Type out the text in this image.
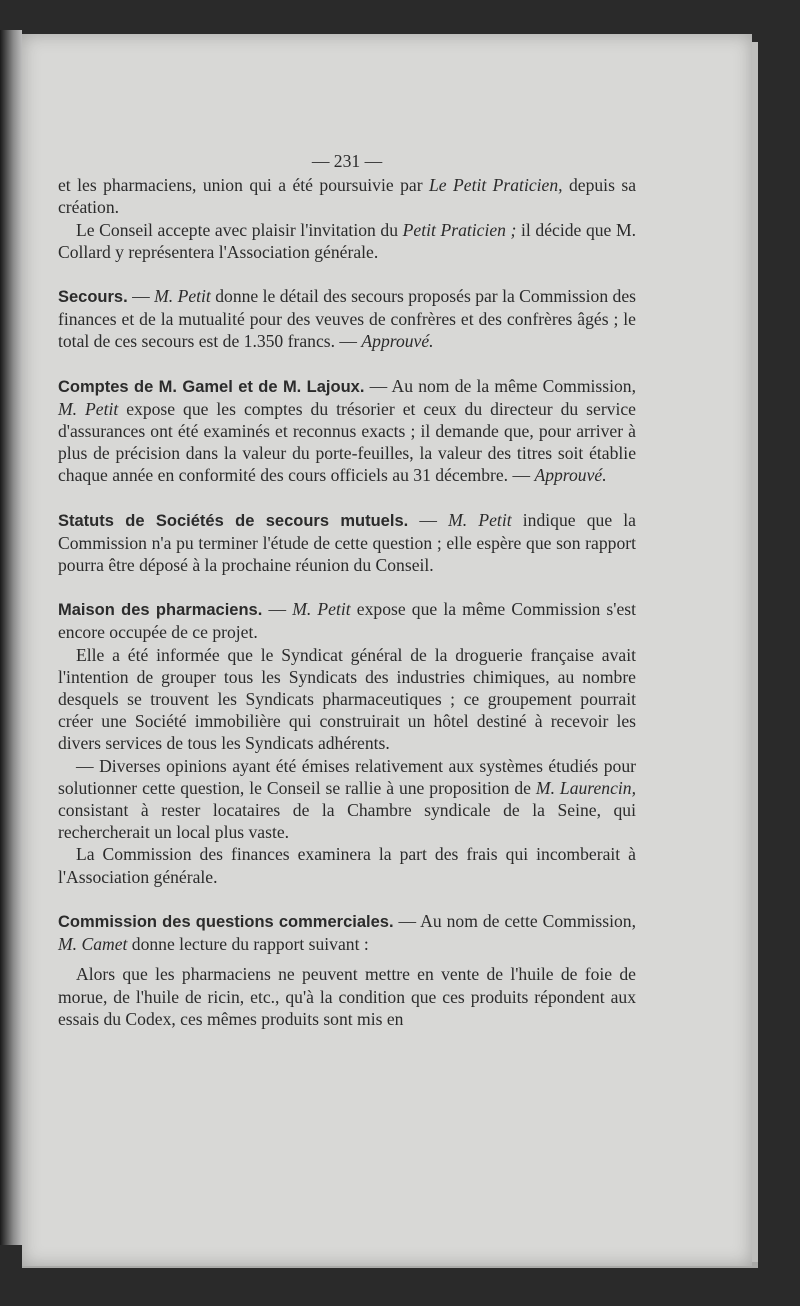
— 231 —

et les pharmaciens, union qui a été poursuivie par Le Petit Praticien, depuis sa création.

Le Conseil accepte avec plaisir l'invitation du Petit Praticien ; il décide que M. Collard y représentera l'Association générale.

Secours. — M. Petit donne le détail des secours proposés par la Commission des finances et de la mutualité pour des veuves de confrères et des confrères âgés ; le total de ces secours est de 1.350 francs. — Approuvé.

Comptes de M. Gamel et de M. Lajoux. — Au nom de la même Commission, M. Petit expose que les comptes du trésorier et ceux du directeur du service d'assurances ont été examinés et reconnus exacts ; il demande que, pour arriver à plus de précision dans la valeur du porte-feuilles, la valeur des titres soit établie chaque année en conformité des cours officiels au 31 décembre. — Approuvé.

Statuts de Sociétés de secours mutuels. — M. Petit indique que la Commission n'a pu terminer l'étude de cette question ; elle espère que son rapport pourra être déposé à la prochaine réunion du Conseil.

Maison des pharmaciens. — M. Petit expose que la même Commission s'est encore occupée de ce projet.

Elle a été informée que le Syndicat général de la droguerie française avait l'intention de grouper tous les Syndicats des industries chimiques, au nombre desquels se trouvent les Syndicats pharmaceutiques ; ce groupement pourrait créer une Société immobilière qui construirait un hôtel destiné à recevoir les divers services de tous les Syndicats adhérents.

— Diverses opinions ayant été émises relativement aux systèmes étudiés pour solutionner cette question, le Conseil se rallie à une proposition de M. Laurencin, consistant à rester locataires de la Chambre syndicale de la Seine, qui rechercherait un local plus vaste.

La Commission des finances examinera la part des frais qui incomberait à l'Association générale.

Commission des questions commerciales. — Au nom de cette Commission, M. Camet donne lecture du rapport suivant :

Alors que les pharmaciens ne peuvent mettre en vente de l'huile de foie de morue, de l'huile de ricin, etc., qu'à la condition que ces produits répondent aux essais du Codex, ces mêmes produits sont mis en
